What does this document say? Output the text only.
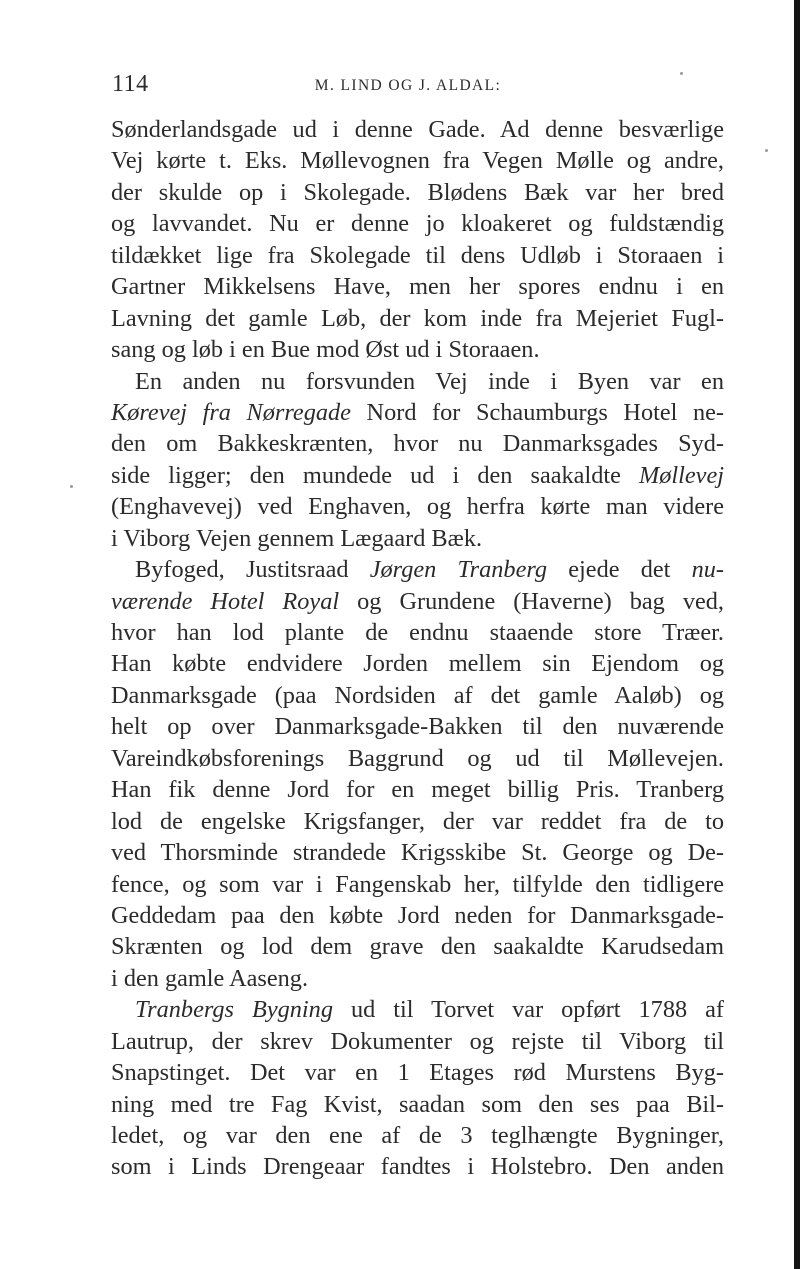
114	M. LIND OG J. ALDAL:
Sønderlandsgade ud i denne Gade. Ad denne besværlige
Vej kørte t. Eks. Møllevognen fra Vegen Mølle og andre,
der skulde op i Skolegade. Blødens Bæk var her bred
og lavvandet. Nu er denne jo kloakeret og fuldstændig
tildækket lige fra Skolegade til dens Udløb i Storaaen i
Gartner Mikkelsens Have, men her spores endnu i en
Lavning det gamle Løb, der kom inde fra Mejeriet Fugl-
sang og løb i en Bue mod Øst ud i Storaaen.
En anden nu forsvunden Vej inde i Byen var en
Kørevej fra Nørregade Nord for Schaumburgs Hotel ne-
den om Bakkeskrænten, hvor nu Danmarksgades Syd-
side ligger; den mundede ud i den saakaldte Møllevej
(Enghavevej) ved Enghaven, og herfra kørte man videre
i Viborg Vejen gennem Lægaard Bæk.
Byfoged, Justitsraad Jørgen Tranberg ejede det nu-
værende Hotel Royal og Grundene (Haverne) bag ved,
hvor han lod plante de endnu staaende store Træer.
Han købte endvidere Jorden mellem sin Ejendom og
Danmarksgade (paa Nordsiden af det gamle Aaløb) og
helt op over Danmarksgade-Bakken til den nuværende
Vareindkøbsforenings Baggrund og ud til Møllevejen.
Han fik denne Jord for en meget billig Pris. Tranberg
lod de engelske Krigsfanger, der var reddet fra de to
ved Thorsminde strandede Krigsskibe St. George og De-
fence, og som var i Fangenskab her, tilfylde den tidligere
Geddedam paa den købte Jord neden for Danmarksgade-
Skrænten og lod dem grave den saakaldte Karudsedam
i den gamle Aaseng.
Tranbergs Bygning ud til Torvet var opført 1788 af
Lautrup, der skrev Dokumenter og rejste til Viborg til
Snapstinget. Det var en 1 Etages rød Murstens Byg-
ning med tre Fag Kvist, saadan som den ses paa Bil-
ledet, og var den ene af de 3 teglhængte Bygninger,
som i Linds Drengeaar fandtes i Holstebro. Den anden
